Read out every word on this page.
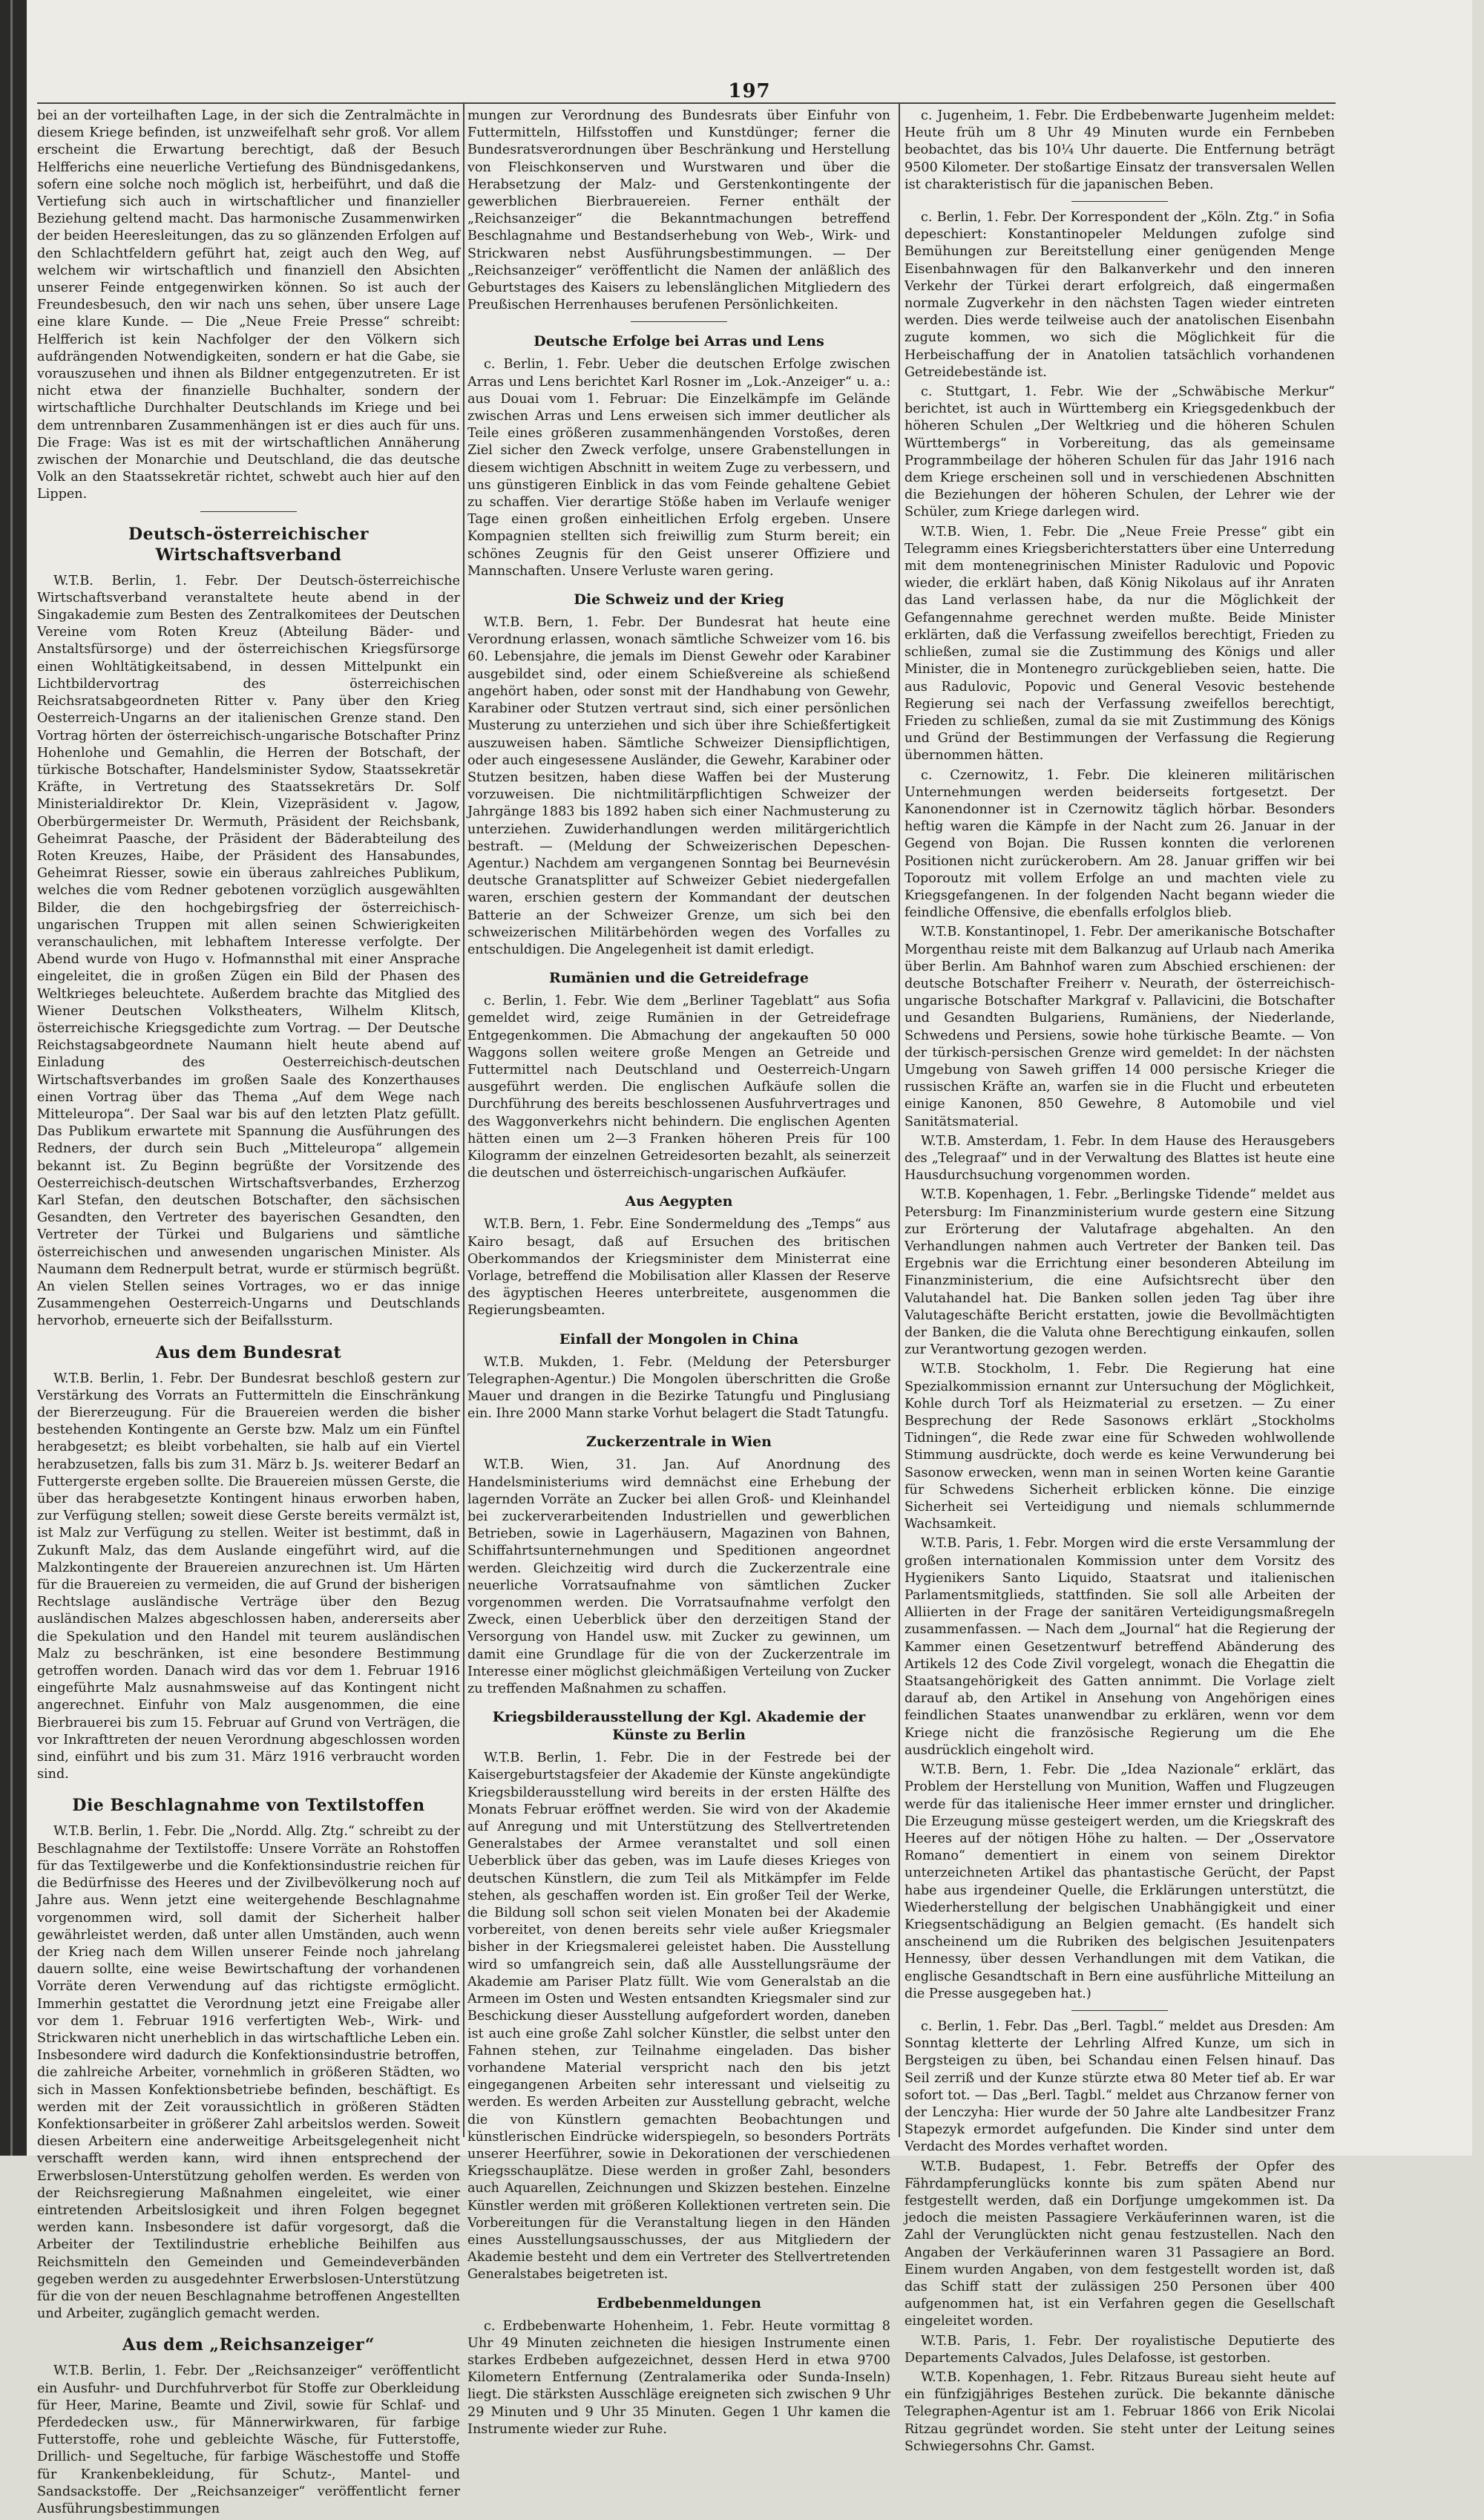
197

bei an der vorteilhaften Lage, in der sich die Zentralmächte in diesem Kriege befinden, ist unzweifelhaft sehr groß. Vor allem erscheint die Erwartung berechtigt, daß der Besuch Helfferichs eine neuerliche Vertiefung des Bündnisgedankens, sofern eine solche noch möglich ist, herbeiführt, und daß die Vertiefung sich auch in wirtschaftlicher und finanzieller Beziehung geltend macht. Das harmonische Zusammenwirken der beiden Heeresleitungen, das zu so glänzenden Erfolgen auf den Schlachtfeldern geführt hat, zeigt auch den Weg, auf welchem wir wirtschaftlich und finanziell den Absichten unserer Feinde entgegenwirken können. So ist auch der Freundesbesuch, den wir nach uns sehen, über unsere Lage eine klare Kunde. — Die „Neue Freie Presse“ schreibt: Helfferich ist kein Nachfolger der den Völkern sich aufdrängenden Notwendigkeiten, sondern er hat die Gabe, sie vorauszusehen und ihnen als Bildner entgegenzutreten. Er ist nicht etwa der finanzielle Buchhalter, sondern der wirtschaftliche Durchhalter Deutschlands im Kriege und bei dem untrennbaren Zusammenhängen ist er dies auch für uns. Die Frage: Was ist es mit der wirtschaftlichen Annäherung zwischen der Monarchie und Deutschland, die das deutsche Volk an den Staatssekretär richtet, schwebt auch hier auf den Lippen.

Deutsch-österreichischer Wirtschaftsverband

W.T.B. Berlin, 1. Febr. Der Deutsch-österreichische Wirtschaftsverband veranstaltete heute abend in der Singakademie zum Besten des Zentralkomitees der Deutschen Vereine vom Roten Kreuz (Abteilung Bäder- und Anstaltsfürsorge) und der österreichischen Kriegsfürsorge einen Wohltätigkeitsabend, in dessen Mittelpunkt ein Lichtbildervortrag des österreichischen Reichsratsabgeordneten Ritter v. Pany über den Krieg Oesterreich-Ungarns an der italienischen Grenze stand. Den Vortrag hörten der österreichisch-ungarische Botschafter Prinz Hohenlohe und Gemahlin, die Herren der Botschaft, der türkische Botschafter, Handelsminister Sydow, Staatssekretär Kräfte, in Vertretung des Staatssekretärs Dr. Solf Ministerialdirektor Dr. Klein, Vizepräsident v. Jagow, Oberbürgermeister Dr. Wermuth, Präsident der Reichsbank, Geheimrat Paasche, der Präsident der Bäderabteilung des Roten Kreuzes, Haibe, der Präsident des Hansabundes, Geheimrat Riesser, sowie ein überaus zahlreiches Publikum, welches die vom Redner gebotenen vorzüglich ausgewählten Bilder, die den hochgebirgsfrieg der österreichisch-ungarischen Truppen mit allen seinen Schwierigkeiten veranschaulichen, mit lebhaftem Interesse verfolgte. Der Abend wurde von Hugo v. Hofmannsthal mit einer Ansprache eingeleitet, die in großen Zügen ein Bild der Phasen des Weltkrieges beleuchtete. Außerdem brachte das Mitglied des Wiener Deutschen Volkstheaters, Wilhelm Klitsch, österreichische Kriegsgedichte zum Vortrag. — Der Deutsche Reichstagsabgeordnete Naumann hielt heute abend auf Einladung des Oesterreichisch-deutschen Wirtschaftsverbandes im großen Saale des Konzerthauses einen Vortrag über das Thema „Auf dem Wege nach Mitteleuropa“. Der Saal war bis auf den letzten Platz gefüllt. Das Publikum erwartete mit Spannung die Ausführungen des Redners, der durch sein Buch „Mitteleuropa“ allgemein bekannt ist. Zu Beginn begrüßte der Vorsitzende des Oesterreichisch-deutschen Wirtschaftsverbandes, Erzherzog Karl Stefan, den deutschen Botschafter, den sächsischen Gesandten, den Vertreter des bayerischen Gesandten, den Vertreter der Türkei und Bulgariens und sämtliche österreichischen und anwesenden ungarischen Minister. Als Naumann dem Rednerpult betrat, wurde er stürmisch begrüßt. An vielen Stellen seines Vortrages, wo er das innige Zusammengehen Oesterreich-Ungarns und Deutschlands hervorhob, erneuerte sich der Beifallssturm.

Aus dem Bundesrat

W.T.B. Berlin, 1. Febr. Der Bundesrat beschloß gestern zur Verstärkung des Vorrats an Futtermitteln die Einschränkung der Biererzeugung. Für die Brauereien werden die bisher bestehenden Kontingente an Gerste bzw. Malz um ein Fünftel herabgesetzt; es bleibt vorbehalten, sie halb auf ein Viertel herabzusetzen, falls bis zum 31. März b. Js. weiterer Bedarf an Futtergerste ergeben sollte. Die Brauereien müssen Gerste, die über das herabgesetzte Kontingent hinaus erworben haben, zur Verfügung stellen; soweit diese Gerste bereits vermälzt ist, ist Malz zur Verfügung zu stellen. Weiter ist bestimmt, daß in Zukunft Malz, das dem Auslande eingeführt wird, auf die Malzkontingente der Brauereien anzurechnen ist. Um Härten für die Brauereien zu vermeiden, die auf Grund der bisherigen Rechtslage ausländische Verträge über den Bezug ausländischen Malzes abgeschlossen haben, andererseits aber die Spekulation und den Handel mit teurem ausländischen Malz zu beschränken, ist eine besondere Bestimmung getroffen worden. Danach wird das vor dem 1. Februar 1916 eingeführte Malz ausnahmsweise auf das Kontingent nicht angerechnet. Einfuhr von Malz ausgenommen, die eine Bierbrauerei bis zum 15. Februar auf Grund von Verträgen, die vor Inkrafttreten der neuen Verordnung abgeschlossen worden sind, einführt und bis zum 31. März 1916 verbraucht worden sind.

Die Beschlagnahme von Textilstoffen

W.T.B. Berlin, 1. Febr. Die „Nordd. Allg. Ztg.“ schreibt zu der Beschlagnahme der Textilstoffe: Unsere Vorräte an Rohstoffen für das Textilgewerbe und die Konfektionsindustrie reichen für die Bedürfnisse des Heeres und der Zivilbevölkerung noch auf Jahre aus. Wenn jetzt eine weitergehende Beschlagnahme vorgenommen wird, soll damit der Sicherheit halber gewährleistet werden, daß unter allen Umständen, auch wenn der Krieg nach dem Willen unserer Feinde noch jahrelang dauern sollte, eine weise Bewirtschaftung der vorhandenen Vorräte deren Verwendung auf das richtigste ermöglicht. Immerhin gestattet die Verordnung jetzt eine Freigabe aller vor dem 1. Februar 1916 verfertigten Web-, Wirk- und Strickwaren nicht unerheblich in das wirtschaftliche Leben ein. Insbesondere wird dadurch die Konfektionsindustrie betroffen, die zahlreiche Arbeiter, vornehmlich in größeren Städten, wo sich in Massen Konfektionsbetriebe befinden, beschäftigt. Es werden mit der Zeit voraussichtlich in größeren Städten Konfektionsarbeiter in größerer Zahl arbeitslos werden. Soweit diesen Arbeitern eine anderweitige Arbeitsgelegenheit nicht verschafft werden kann, wird ihnen entsprechend der Erwerbslosen-Unterstützung geholfen werden. Es werden von der Reichsregierung Maßnahmen eingeleitet, wie einer eintretenden Arbeitslosigkeit und ihren Folgen begegnet werden kann. Insbesondere ist dafür vorgesorgt, daß die Arbeiter der Textilindustrie erhebliche Beihilfen aus Reichsmitteln den Gemeinden und Gemeindeverbänden gegeben werden zu ausgedehnter Erwerbslosen-Unterstützung für die von der neuen Beschlagnahme betroffenen Angestellten und Arbeiter, zugänglich gemacht werden.

Aus dem „Reichsanzeiger“

W.T.B. Berlin, 1. Febr. Der „Reichsanzeiger“ veröffentlicht ein Ausfuhr- und Durchfuhrverbot für Stoffe zur Oberkleidung für Heer, Marine, Beamte und Zivil, sowie für Schlaf- und Pferdedecken usw., für Männerwirkwaren, für farbige Futterstoffe, rohe und gebleichte Wäsche, für Futterstoffe, Drillich- und Segeltuche, für farbige Wäschestoffe und Stoffe für Krankenbekleidung, für Schutz-, Mantel- und Sandsackstoffe. Der „Reichsanzeiger“ veröffentlicht ferner Ausführungsbestimmungen

mungen zur Verordnung des Bundesrats über Einfuhr von Futtermitteln, Hilfsstoffen und Kunstdünger; ferner die Bundesratsverordnungen über Beschränkung und Herstellung von Fleischkonserven und Wurstwaren und über die Herabsetzung der Malz- und Gerstenkontingente der gewerblichen Bierbrauereien. Ferner enthält der „Reichsanzeiger“ die Bekanntmachungen betreffend Beschlagnahme und Bestandserhebung von Web-, Wirk- und Strickwaren nebst Ausführungsbestimmungen. — Der „Reichsanzeiger“ veröffentlicht die Namen der anläßlich des Geburtstages des Kaisers zu lebenslänglichen Mitgliedern des Preußischen Herrenhauses berufenen Persönlichkeiten.

Deutsche Erfolge bei Arras und Lens

c. Berlin, 1. Febr. Ueber die deutschen Erfolge zwischen Arras und Lens berichtet Karl Rosner im „Lok.-Anzeiger“ u. a.: aus Douai vom 1. Februar: Die Einzelkämpfe im Gelände zwischen Arras und Lens erweisen sich immer deutlicher als Teile eines größeren zusammenhängenden Vorstoßes, deren Ziel sicher den Zweck verfolge, unsere Grabenstellungen in diesem wichtigen Abschnitt in weitem Zuge zu verbessern, und uns günstigeren Einblick in das vom Feinde gehaltene Gebiet zu schaffen. Vier derartige Stöße haben im Verlaufe weniger Tage einen großen einheitlichen Erfolg ergeben. Unsere Kompagnien stellten sich freiwillig zum Sturm bereit; ein schönes Zeugnis für den Geist unserer Offiziere und Mannschaften. Unsere Verluste waren gering.

Die Schweiz und der Krieg

W.T.B. Bern, 1. Febr. Der Bundesrat hat heute eine Verordnung erlassen, wonach sämtliche Schweizer vom 16. bis 60. Lebensjahre, die jemals im Dienst Gewehr oder Karabiner ausgebildet sind, oder einem Schießvereine als schießend angehört haben, oder sonst mit der Handhabung von Gewehr, Karabiner oder Stutzen vertraut sind, sich einer persönlichen Musterung zu unterziehen und sich über ihre Schießfertigkeit auszuweisen haben. Sämtliche Schweizer Diensipflichtigen, oder auch eingesessene Ausländer, die Gewehr, Karabiner oder Stutzen besitzen, haben diese Waffen bei der Musterung vorzuweisen. Die nichtmilitärpflichtigen Schweizer der Jahrgänge 1883 bis 1892 haben sich einer Nachmusterung zu unterziehen. Zuwiderhandlungen werden militärgerichtlich bestraft. — (Meldung der Schweizerischen Depeschen-Agentur.) Nachdem am vergangenen Sonntag bei Beurnevésin deutsche Granatsplitter auf Schweizer Gebiet niedergefallen waren, erschien gestern der Kommandant der deutschen Batterie an der Schweizer Grenze, um sich bei den schweizerischen Militärbehörden wegen des Vorfalles zu entschuldigen. Die Angelegenheit ist damit erledigt.

Rumänien und die Getreidefrage

c. Berlin, 1. Febr. Wie dem „Berliner Tageblatt“ aus Sofia gemeldet wird, zeige Rumänien in der Getreidefrage Entgegenkommen. Die Abmachung der angekauften 50 000 Waggons sollen weitere große Mengen an Getreide und Futtermittel nach Deutschland und Oesterreich-Ungarn ausgeführt werden. Die englischen Aufkäufe sollen die Durchführung des bereits beschlossenen Ausfuhrvertrages und des Waggonverkehrs nicht behindern. Die englischen Agenten hätten einen um 2—3 Franken höheren Preis für 100 Kilogramm der einzelnen Getreidesorten bezahlt, als seinerzeit die deutschen und österreichisch-ungarischen Aufkäufer.

Aus Aegypten

W.T.B. Bern, 1. Febr. Eine Sondermeldung des „Temps“ aus Kairo besagt, daß auf Ersuchen des britischen Oberkommandos der Kriegsminister dem Ministerrat eine Vorlage, betreffend die Mobilisation aller Klassen der Reserve des ägyptischen Heeres unterbreitete, ausgenommen die Regierungsbeamten.

Einfall der Mongolen in China

W.T.B. Mukden, 1. Febr. (Meldung der Petersburger Telegraphen-Agentur.) Die Mongolen überschritten die Große Mauer und drangen in die Bezirke Tatungfu und Pinglusiang ein. Ihre 2000 Mann starke Vorhut belagert die Stadt Tatungfu.

Zuckerzentrale in Wien

W.T.B. Wien, 31. Jan. Auf Anordnung des Handelsministeriums wird demnächst eine Erhebung der lagernden Vorräte an Zucker bei allen Groß- und Kleinhandel bei zuckerverarbeitenden Industriellen und gewerblichen Betrieben, sowie in Lagerhäusern, Magazinen von Bahnen, Schiffahrtsunternehmungen und Speditionen angeordnet werden. Gleichzeitig wird durch die Zuckerzentrale eine neuerliche Vorratsaufnahme von sämtlichen Zucker vorgenommen werden. Die Vorratsaufnahme verfolgt den Zweck, einen Ueberblick über den derzeitigen Stand der Versorgung von Handel usw. mit Zucker zu gewinnen, um damit eine Grundlage für die von der Zuckerzentrale im Interesse einer möglichst gleichmäßigen Verteilung von Zucker zu treffenden Maßnahmen zu schaffen.

Kriegsbilderausstellung der Kgl. Akademie der Künste zu Berlin

W.T.B. Berlin, 1. Febr. Die in der Festrede bei der Kaisergeburtstagsfeier der Akademie der Künste angekündigte Kriegsbilderausstellung wird bereits in der ersten Hälfte des Monats Februar eröffnet werden. Sie wird von der Akademie auf Anregung und mit Unterstützung des Stellvertretenden Generalstabes der Armee veranstaltet und soll einen Ueberblick über das geben, was im Laufe dieses Krieges von deutschen Künstlern, die zum Teil als Mitkämpfer im Felde stehen, als geschaffen worden ist. Ein großer Teil der Werke, die Bildung soll schon seit vielen Monaten bei der Akademie vorbereitet, von denen bereits sehr viele außer Kriegsmaler bisher in der Kriegsmalerei geleistet haben. Die Ausstellung wird so umfangreich sein, daß alle Ausstellungsräume der Akademie am Pariser Platz füllt. Wie vom Generalstab an die Armeen im Osten und Westen entsandten Kriegsmaler sind zur Beschickung dieser Ausstellung aufgefordert worden, daneben ist auch eine große Zahl solcher Künstler, die selbst unter den Fahnen stehen, zur Teilnahme eingeladen. Das bisher vorhandene Material verspricht nach den bis jetzt eingegangenen Arbeiten sehr interessant und vielseitig zu werden. Es werden Arbeiten zur Ausstellung gebracht, welche die von Künstlern gemachten Beobachtungen und künstlerischen Eindrücke widerspiegeln, so besonders Porträts unserer Heerführer, sowie in Dekorationen der verschiedenen Kriegsschauplätze. Diese werden in großer Zahl, besonders auch Aquarellen, Zeichnungen und Skizzen bestehen. Einzelne Künstler werden mit größeren Kollektionen vertreten sein. Die Vorbereitungen für die Veranstaltung liegen in den Händen eines Ausstellungsausschusses, der aus Mitgliedern der Akademie besteht und dem ein Vertreter des Stellvertretenden Generalstabes beigetreten ist.

Erdbebenmeldungen

c. Erdbebenwarte Hohenheim, 1. Febr. Heute vormittag 8 Uhr 49 Minuten zeichneten die hiesigen Instrumente einen starkes Erdbeben aufgezeichnet, dessen Herd in etwa 9700 Kilometern Entfernung (Zentralamerika oder Sunda-Inseln) liegt. Die stärksten Ausschläge ereigneten sich zwischen 9 Uhr 29 Minuten und 9 Uhr 35 Minuten. Gegen 1 Uhr kamen die Instrumente wieder zur Ruhe.

c. Jugenheim, 1. Febr. Die Erdbebenwarte Jugenheim meldet: Heute früh um 8 Uhr 49 Minuten wurde ein Fernbeben beobachtet, das bis 10¼ Uhr dauerte. Die Entfernung beträgt 9500 Kilometer. Der stoßartige Einsatz der transversalen Wellen ist charakteristisch für die japanischen Beben.

c. Berlin, 1. Febr. Der Korrespondent der „Köln. Ztg.“ in Sofia depeschiert: Konstantinopeler Meldungen zufolge sind Bemühungen zur Bereitstellung einer genügenden Menge Eisenbahnwagen für den Balkanverkehr und den inneren Verkehr der Türkei derart erfolgreich, daß eingermaßen normale Zugverkehr in den nächsten Tagen wieder eintreten werden. Dies werde teilweise auch der anatolischen Eisenbahn zugute kommen, wo sich die Möglichkeit für die Herbeischaffung der in Anatolien tatsächlich vorhandenen Getreidebestände ist.

c. Stuttgart, 1. Febr. Wie der „Schwäbische Merkur“ berichtet, ist auch in Württemberg ein Kriegsgedenkbuch der höheren Schulen „Der Weltkrieg und die höheren Schulen Württembergs“ in Vorbereitung, das als gemeinsame Programmbeilage der höheren Schulen für das Jahr 1916 nach dem Kriege erscheinen soll und in verschiedenen Abschnitten die Beziehungen der höheren Schulen, der Lehrer wie der Schüler, zum Kriege darlegen wird.

W.T.B. Wien, 1. Febr. Die „Neue Freie Presse“ gibt ein Telegramm eines Kriegsberichterstatters über eine Unterredung mit dem montenegrinischen Minister Radulovic und Popovic wieder, die erklärt haben, daß König Nikolaus auf ihr Anraten das Land verlassen habe, da nur die Möglichkeit der Gefangennahme gerechnet werden mußte. Beide Minister erklärten, daß die Verfassung zweifellos berechtigt, Frieden zu schließen, zumal sie die Zustimmung des Königs und aller Minister, die in Montenegro zurückgeblieben seien, hatte. Die aus Radulovic, Popovic und General Vesovic bestehende Regierung sei nach der Verfassung zweifellos berechtigt, Frieden zu schließen, zumal da sie mit Zustimmung des Königs und Gründ der Bestimmungen der Verfassung die Regierung übernommen hätten.

c. Czernowitz, 1. Febr. Die kleineren militärischen Unternehmungen werden beiderseits fortgesetzt. Der Kanonendonner ist in Czernowitz täglich hörbar. Besonders heftig waren die Kämpfe in der Nacht zum 26. Januar in der Gegend von Bojan. Die Russen konnten die verlorenen Positionen nicht zurückerobern. Am 28. Januar griffen wir bei Toporoutz mit vollem Erfolge an und machten viele zu Kriegsgefangenen. In der folgenden Nacht begann wieder die feindliche Offensive, die ebenfalls erfolglos blieb.

W.T.B. Konstantinopel, 1. Febr. Der amerikanische Botschafter Morgenthau reiste mit dem Balkanzug auf Urlaub nach Amerika über Berlin. Am Bahnhof waren zum Abschied erschienen: der deutsche Botschafter Freiherr v. Neurath, der österreichisch-ungarische Botschafter Markgraf v. Pallavicini, die Botschafter und Gesandten Bulgariens, Rumäniens, der Niederlande, Schwedens und Persiens, sowie hohe türkische Beamte. — Von der türkisch-persischen Grenze wird gemeldet: In der nächsten Umgebung von Saweh griffen 14 000 persische Krieger die russischen Kräfte an, warfen sie in die Flucht und erbeuteten einige Kanonen, 850 Gewehre, 8 Automobile und viel Sanitätsmaterial.

W.T.B. Amsterdam, 1. Febr. In dem Hause des Herausgebers des „Telegraaf“ und in der Verwaltung des Blattes ist heute eine Hausdurchsuchung vorgenommen worden.

W.T.B. Kopenhagen, 1. Febr. „Berlingske Tidende“ meldet aus Petersburg: Im Finanzministerium wurde gestern eine Sitzung zur Erörterung der Valutafrage abgehalten. An den Verhandlungen nahmen auch Vertreter der Banken teil. Das Ergebnis war die Errichtung einer besonderen Abteilung im Finanzministerium, die eine Aufsichtsrecht über den Valutahandel hat. Die Banken sollen jeden Tag über ihre Valutageschäfte Bericht erstatten, jowie die Bevollmächtigten der Banken, die die Valuta ohne Berechtigung einkaufen, sollen zur Verantwortung gezogen werden.

W.T.B. Stockholm, 1. Febr. Die Regierung hat eine Spezialkommission ernannt zur Untersuchung der Möglichkeit, Kohle durch Torf als Heizmaterial zu ersetzen. — Zu einer Besprechung der Rede Sasonows erklärt „Stockholms Tidningen“, die Rede zwar eine für Schweden wohlwollende Stimmung ausdrückte, doch werde es keine Verwunderung bei Sasonow erwecken, wenn man in seinen Worten keine Garantie für Schwedens Sicherheit erblicken könne. Die einzige Sicherheit sei Verteidigung und niemals schlummernde Wachsamkeit.

W.T.B. Paris, 1. Febr. Morgen wird die erste Versammlung der großen internationalen Kommission unter dem Vorsitz des Hygienikers Santo Liquido, Staatsrat und italienischen Parlamentsmitglieds, stattfinden. Sie soll alle Arbeiten der Alliierten in der Frage der sanitären Verteidigungsmaßregeln zusammenfassen. — Nach dem „Journal“ hat die Regierung der Kammer einen Gesetzentwurf betreffend Abänderung des Artikels 12 des Code Zivil vorgelegt, wonach die Ehegattin die Staatsangehörigkeit des Gatten annimmt. Die Vorlage zielt darauf ab, den Artikel in Ansehung von Angehörigen eines feindlichen Staates unanwendbar zu erklären, wenn vor dem Kriege nicht die französische Regierung um die Ehe ausdrücklich eingeholt wird.

W.T.B. Bern, 1. Febr. Die „Idea Nazionale“ erklärt, das Problem der Herstellung von Munition, Waffen und Flugzeugen werde für das italienische Heer immer ernster und dringlicher. Die Erzeugung müsse gesteigert werden, um die Kriegskraft des Heeres auf der nötigen Höhe zu halten. — Der „Osservatore Romano“ dementiert in einem von seinem Direktor unterzeichneten Artikel das phantastische Gerücht, der Papst habe aus irgendeiner Quelle, die Erklärungen unterstützt, die Wiederherstellung der belgischen Unabhängigkeit und einer Kriegsentschädigung an Belgien gemacht. (Es handelt sich anscheinend um die Rubriken des belgischen Jesuitenpaters Hennessy, über dessen Verhandlungen mit dem Vatikan, die englische Gesandtschaft in Bern eine ausführliche Mitteilung an die Presse ausgegeben hat.)

c. Berlin, 1. Febr. Das „Berl. Tagbl.“ meldet aus Dresden: Am Sonntag kletterte der Lehrling Alfred Kunze, um sich in Bergsteigen zu üben, bei Schandau einen Felsen hinauf. Das Seil zerriß und der Kunze stürzte etwa 80 Meter tief ab. Er war sofort tot. — Das „Berl. Tagbl.“ meldet aus Chrzanow ferner von der Lenczyha: Hier wurde der 50 Jahre alte Landbesitzer Franz Stapezyk ermordet aufgefunden. Die Kinder sind unter dem Verdacht des Mordes verhaftet worden.

W.T.B. Budapest, 1. Febr. Betreffs der Opfer des Fährdampferunglücks konnte bis zum späten Abend nur festgestellt werden, daß ein Dorfjunge umgekommen ist. Da jedoch die meisten Passagiere Verkäuferinnen waren, ist die Zahl der Verunglückten nicht genau festzustellen. Nach den Angaben der Verkäuferinnen waren 31 Passagiere an Bord. Einem wurden Angaben, von dem festgestellt worden ist, daß das Schiff statt der zulässigen 250 Personen über 400 aufgenommen hat, ist ein Verfahren gegen die Gesellschaft eingeleitet worden.

W.T.B. Paris, 1. Febr. Der royalistische Deputierte des Departements Calvados, Jules Delafosse, ist gestorben.

W.T.B. Kopenhagen, 1. Febr. Ritzaus Bureau sieht heute auf ein fünfzigjähriges Bestehen zurück. Die bekannte dänische Telegraphen-Agentur ist am 1. Februar 1866 von Erik Nicolai Ritzau gegründet worden. Sie steht unter der Leitung seines Schwiegersohns Chr. Gamst.
